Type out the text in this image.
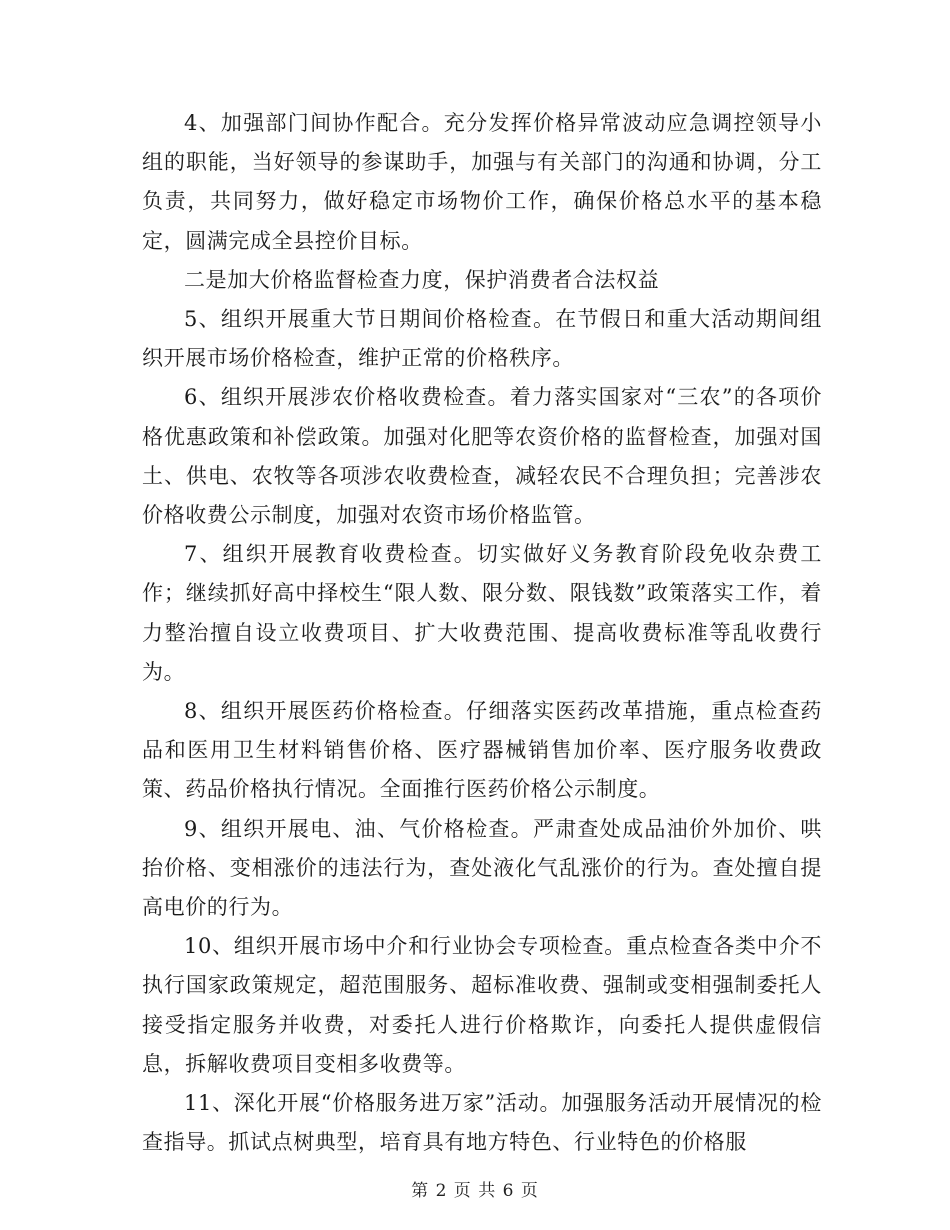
4、加强部门间协作配合。充分发挥价格异常波动应急调控领导小组的职能，当好领导的参谋助手，加强与有关部门的沟通和协调，分工负责，共同努力，做好稳定市场物价工作，确保价格总水平的基本稳定，圆满完成全县控价目标。

二是加大价格监督检查力度，保护消费者合法权益

5、组织开展重大节日期间价格检查。在节假日和重大活动期间组织开展市场价格检查，维护正常的价格秩序。

6、组织开展涉农价格收费检查。着力落实国家对“三农”的各项价格优惠政策和补偿政策。加强对化肥等农资价格的监督检查，加强对国土、供电、农牧等各项涉农收费检查，减轻农民不合理负担；完善涉农价格收费公示制度，加强对农资市场价格监管。

7、组织开展教育收费检查。切实做好义务教育阶段免收杂费工作；继续抓好高中择校生“限人数、限分数、限钱数”政策落实工作，着力整治擅自设立收费项目、扩大收费范围、提高收费标准等乱收费行为。

8、组织开展医药价格检查。仔细落实医药改革措施，重点检查药品和医用卫生材料销售价格、医疗器械销售加价率、医疗服务收费政策、药品价格执行情况。全面推行医药价格公示制度。

9、组织开展电、油、气价格检查。严肃查处成品油价外加价、哄抬价格、变相涨价的违法行为，查处液化气乱涨价的行为。查处擅自提高电价的行为。

10、组织开展市场中介和行业协会专项检查。重点检查各类中介不执行国家政策规定，超范围服务、超标准收费、强制或变相强制委托人接受指定服务并收费，对委托人进行价格欺诈，向委托人提供虚假信息，拆解收费项目变相多收费等。

11、深化开展“价格服务进万家”活动。加强服务活动开展情况的检查指导。抓试点树典型，培育具有地方特色、行业特色的价格服

第 2 页 共 6 页
